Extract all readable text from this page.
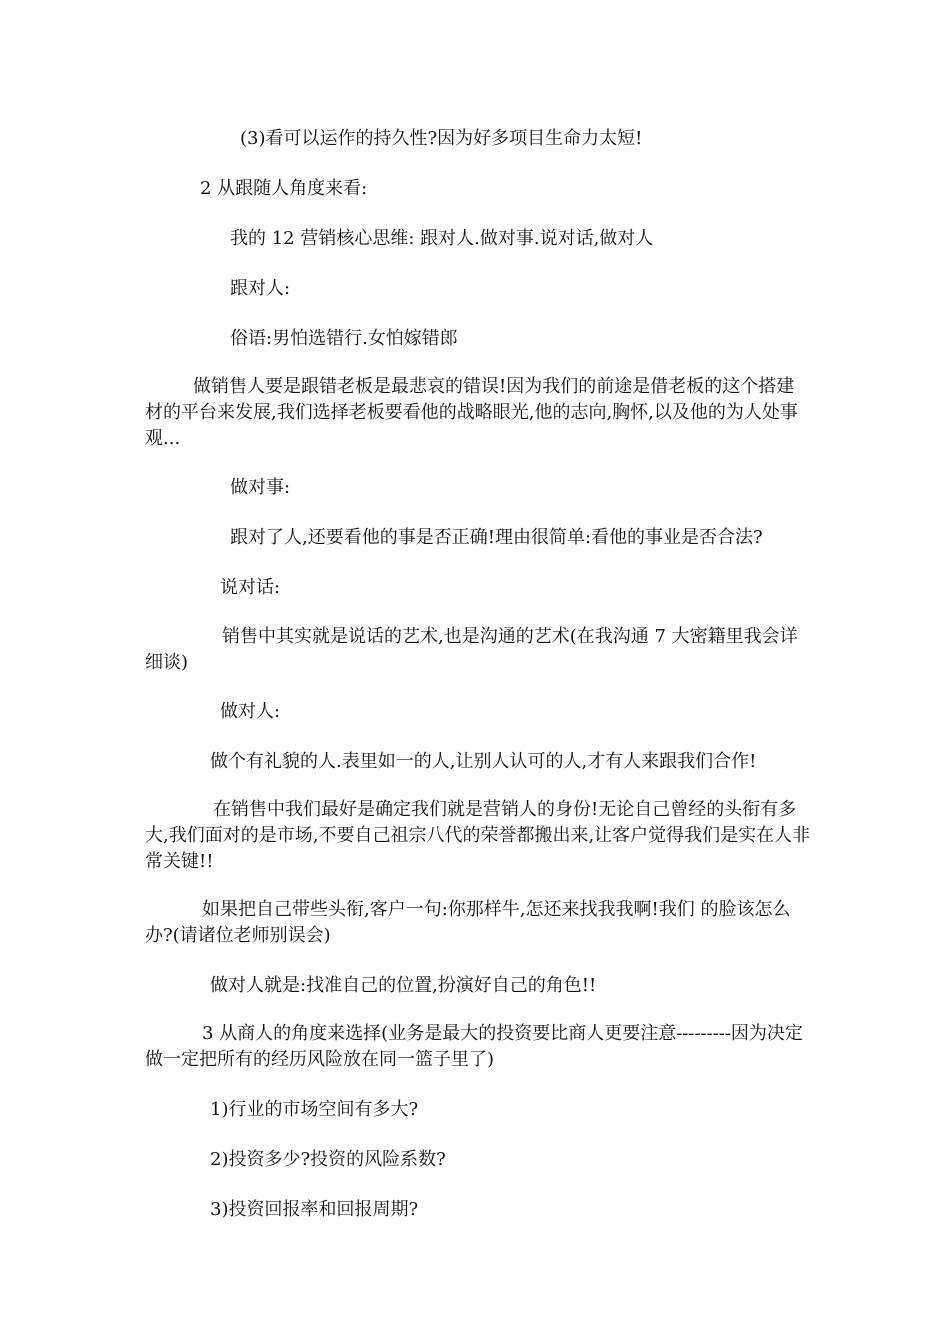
(3)看可以运作的持久性?因为好多项目生命力太短!
2 从跟随人角度来看:
我的 12 营销核心思维: 跟对人.做对事.说对话,做对人
跟对人:
俗语:男怕选错行.女怕嫁错郎
做销售人要是跟错老板是最悲哀的错误!因为我们的前途是借老板的这个搭建材的平台来发展,我们选择老板要看他的战略眼光,他的志向,胸怀,以及他的为人处事观...
做对事:
跟对了人,还要看他的事是否正确!理由很简单:看他的事业是否合法?
说对话:
销售中其实就是说话的艺术,也是沟通的艺术(在我沟通 7 大密籍里我会详细谈)
做对人:
做个有礼貌的人.表里如一的人,让别人认可的人,才有人来跟我们合作!
在销售中我们最好是确定我们就是营销人的身份!无论自己曾经的头衔有多大,我们面对的是市场,不要自己祖宗八代的荣誉都搬出来,让客户觉得我们是实在人非常关键!!
如果把自己带些头衔,客户一句:你那样牛,怎还来找我我啊!我们 的脸该怎么办?(请诸位老师别误会)
做对人就是:找准自己的位置,扮演好自己的角色!!
3 从商人的角度来选择(业务是最大的投资要比商人更要注意---------因为决定做一定把所有的经历风险放在同一篮子里了)
1)行业的市场空间有多大?
2)投资多少?投资的风险系数?
3)投资回报率和回报周期?
